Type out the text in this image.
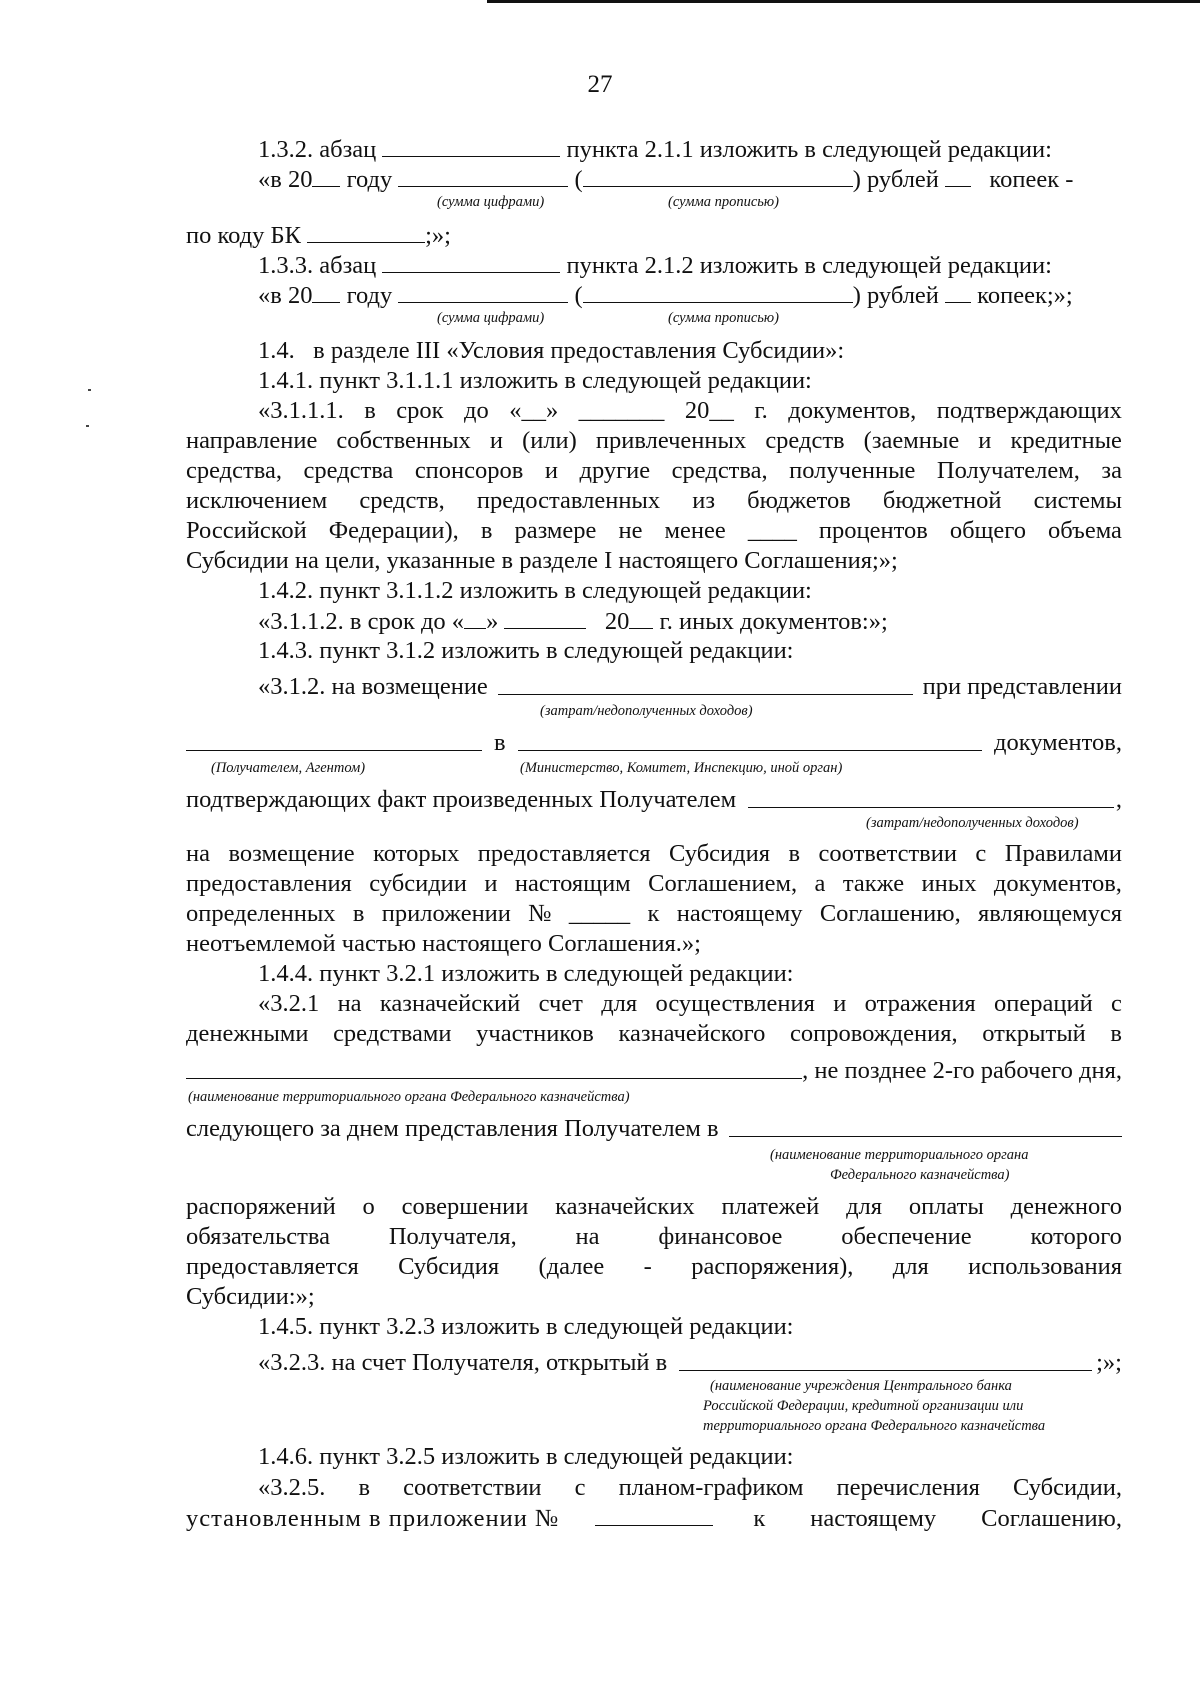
27
1.3.2. абзац	пункта 2.1.1 изложить в следующей редакции:
«в 20 году	(	) рублей копеек -
(сумма цифрами)	(сумма прописью)
по коду БК	;»;
1.3.3. абзац	пункта 2.1.2 изложить в следующей редакции:
«в 20 году	(	) рублей копеек;»;
(сумма цифрами)	(сумма прописью)
1.4. в разделе III «Условия предоставления Субсидии»:
1.4.1. пункт 3.1.1.1 изложить в следующей редакции:
«3.1.1.1. в срок до «__» _______ 20__ г. документов, подтверждающих
направление собственных и (или) привлеченных средств (заемные и кредитные
средства, средства спонсоров и другие средства, полученные Получателем, за
исключением средств, предоставленных из бюджетов бюджетной системы
Российской Федерации), в размере не менее ____ процентов общего объема
Субсидии на цели, указанные в разделе I настоящего Соглашения;»;
1.4.2. пункт 3.1.1.2 изложить в следующей редакции:
«3.1.1.2. в срок до « »	20 г. иных документов:»;
1.4.3. пункт 3.1.2 изложить в следующей редакции:
«3.1.2. на возмещение	при представлении
(затрат/недополученных доходов)
в	документов,
(Получателем, Агентом)	(Министерство, Комитет, Инспекцию, иной орган)
подтверждающих факт произведенных Получателем	,
(затрат/недополученных доходов)
на возмещение которых предоставляется Субсидия в соответствии с Правилами
предоставления субсидии и настоящим Соглашением, а также иных документов,
определенных в приложении № _____ к настоящему Соглашению, являющемуся
неотъемлемой частью настоящего Соглашения.»;
1.4.4. пункт 3.2.1 изложить в следующей редакции:
«3.2.1 на казначейский счет для осуществления и отражения операций с
денежными средствами участников казначейского сопровождения, открытый в
, не позднее 2-го рабочего дня,
(наименование территориального органа Федерального казначейства)
следующего за днем представления Получателем в
(наименование территориального органа
Федерального казначейства)
распоряжений о совершении казначейских платежей для оплаты денежного
обязательства Получателя, на финансовое обеспечение которого
предоставляется Субсидия (далее - распоряжения), для использования
Субсидии:»;
1.4.5. пункт 3.2.3 изложить в следующей редакции:
«3.2.3. на счет Получателя, открытый в	;»;
(наименование учреждения Центрального банка
Российской Федерации, кредитной организации или
территориального органа Федерального казначейства
1.4.6. пункт 3.2.5 изложить в следующей редакции:
«3.2.5. в соответствии с планом-графиком перечисления Субсидии,
установленным в приложении №	к настоящему Соглашению,
